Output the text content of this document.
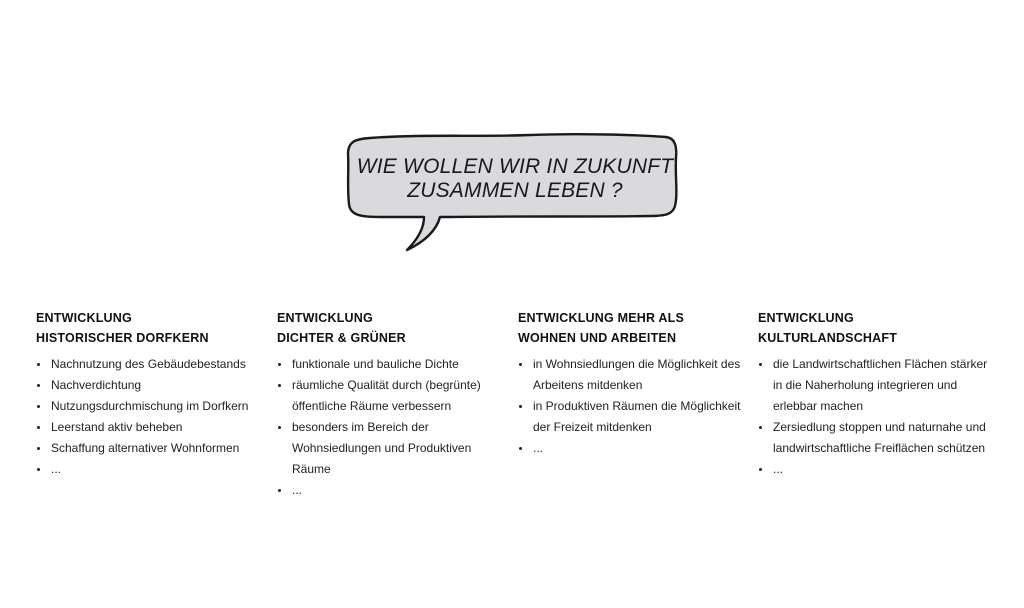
WIE WOLLEN WIR IN ZUKUNFT
ZUSAMMEN LEBEN ?
ENTWICKLUNG
HISTORISCHER DORFKERN
Nachnutzung des Gebäudebestands
Nachverdichtung
Nutzungsdurchmischung im Dorfkern
Leerstand aktiv beheben
Schaffung alternativer Wohnformen
...
ENTWICKLUNG
DICHTER & GRÜNER
funktionale und bauliche Dichte
räumliche Qualität durch (begrünte) öffentliche Räume verbessern
besonders im Bereich der Wohnsiedlungen und Produktiven Räume
...
ENTWICKLUNG MEHR ALS
WOHNEN UND ARBEITEN
in Wohnsiedlungen die Möglichkeit des Arbeitens mitdenken
in Produktiven Räumen die Möglichkeit der Freizeit mitdenken
...
ENTWICKLUNG
KULTURLANDSCHAFT
die Landwirtschaftlichen Flächen stärker in die Naherholung integrieren und erlebbar machen
Zersiedlung stoppen und naturnahe und landwirtschaftliche Freiflächen schützen
...
